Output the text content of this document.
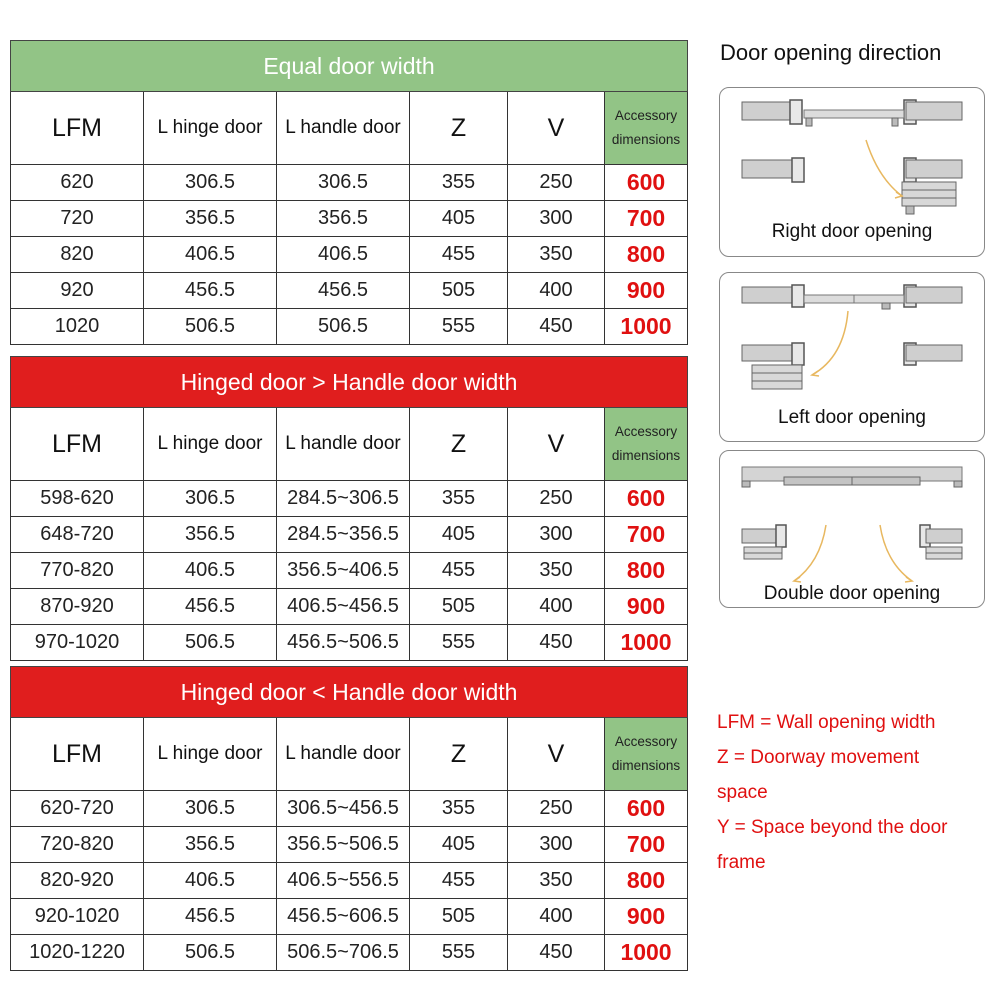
Equal door width					
LFM	L hinge door	L handle door	Z	V	Accessory
dimensions
620	306.5	306.5	355	250	600
720	356.5	356.5	405	300	700
820	406.5	406.5	455	350	800
920	456.5	456.5	505	400	900
1020	506.5	506.5	555	450	1000
Hinged door > Handle door width					
LFM	L hinge door	L handle door	Z	V	Accessory
dimensions
598-620	306.5	284.5~306.5	355	250	600
648-720	356.5	284.5~356.5	405	300	700
770-820	406.5	356.5~406.5	455	350	800
870-920	456.5	406.5~456.5	505	400	900
970-1020	506.5	456.5~506.5	555	450	1000
Hinged door < Handle door width					
LFM	L hinge door	L handle door	Z	V	Accessory
dimensions
620-720	306.5	306.5~456.5	355	250	600
720-820	356.5	356.5~506.5	405	300	700
820-920	406.5	406.5~556.5	455	350	800
920-1020	456.5	456.5~606.5	505	400	900
1020-1220	506.5	506.5~706.5	555	450	1000
Door opening direction
Right door opening
Left door opening
Double door opening
LFM = Wall opening width
Z = Doorway movement
space
Y = Space beyond the door
frame
